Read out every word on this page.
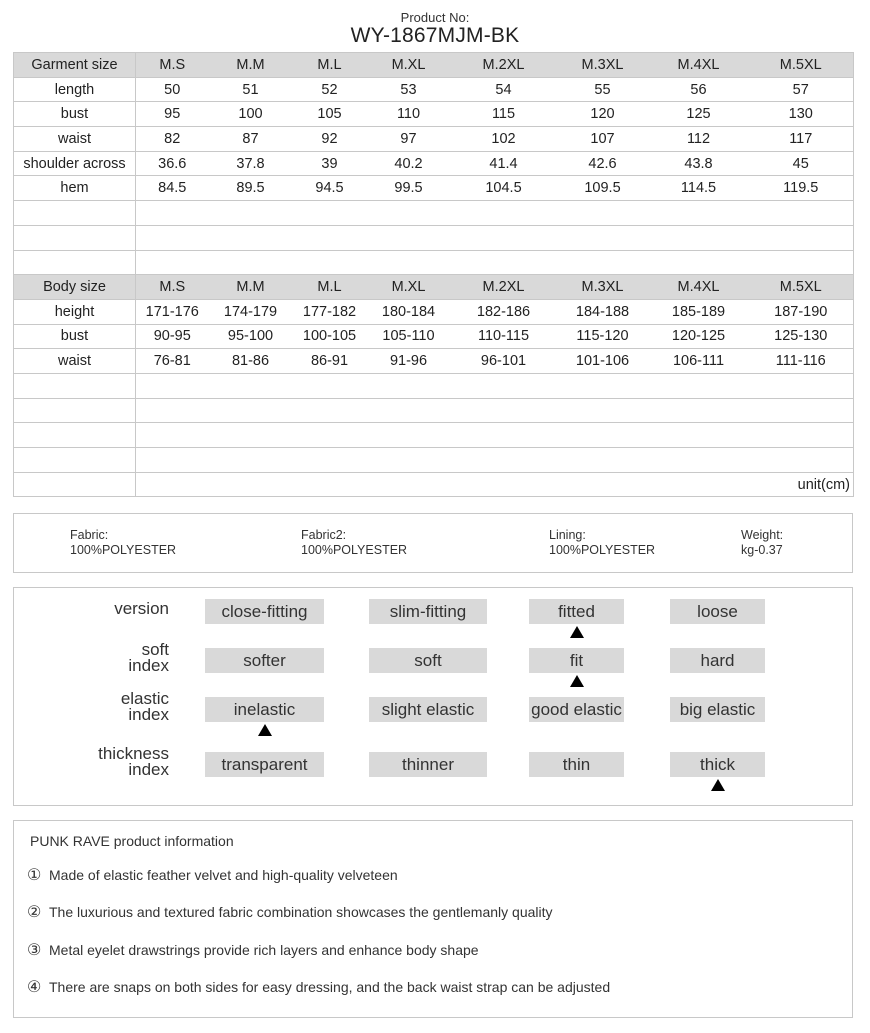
Product No:
WY-1867MJM-BK
Garment size	M.S	M.M	M.L	M.XL	M.2XL	M.3XL	M.4XL	M.5XL
length	50	51	52	53	54	55	56	57
bust	95	100	105	110	115	120	125	130
waist	82	87	92	97	102	107	112	117
shoulder across	36.6	37.8	39	40.2	41.4	42.6	43.8	45
hem	84.5	89.5	94.5	99.5	104.5	109.5	114.5	119.5

Body size	M.S	M.M	M.L	M.XL	M.2XL	M.3XL	M.4XL	M.5XL
height	171-176	174-179	177-182	180-184	182-186	184-188	185-189	187-190
bust	90-95	95-100	100-105	105-110	110-115	115-120	120-125	125-130
waist	76-81	81-86	86-91	91-96	96-101	101-106	106-111	111-116

	unit(cm)							
Fabric:
100%POLYESTER
Fabric2:
100%POLYESTER
Lining:
100%POLYESTER
Weight:
kg-0.37
version	close-fitting	slim-fitting	fitted	loose
soft
index	softer	soft	fit	hard
elastic
index	inelastic	slight elastic	good elastic	big elastic
thickness
index	transparent	thinner	thin	thick
PUNK RAVE product information
① Made of elastic feather velvet and high-quality velveteen
② The luxurious and textured fabric combination showcases the gentlemanly quality
③ Metal eyelet drawstrings provide rich layers and enhance body shape
④ There are snaps on both sides for easy dressing, and the back waist strap can be adjusted
